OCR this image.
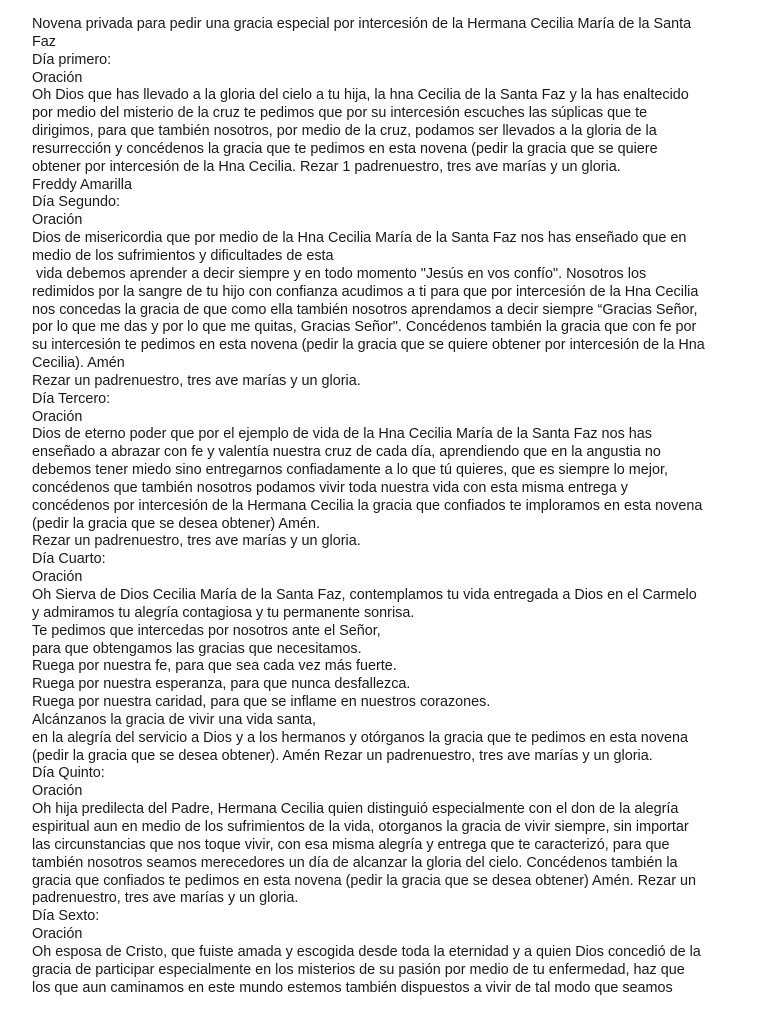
Novena privada para pedir una gracia especial por intercesión de la Hermana Cecilia María de la Santa
Faz
Día primero:
Oración
Oh Dios que has llevado a la gloria del cielo a tu hija, la hna Cecilia de la Santa Faz y la has enaltecido
por medio del misterio de la cruz te pedimos que por su intercesión escuches las súplicas que te
dirigimos, para que también nosotros, por medio de la cruz, podamos ser llevados a la gloria de la
resurrección y concédenos la gracia que te pedimos en esta novena (pedir la gracia que se quiere
obtener por intercesión de la Hna Cecilia. Rezar 1 padrenuestro, tres ave marías y un gloria.
Freddy Amarilla
Día Segundo:
Oración
Dios de misericordia que por medio de la Hna Cecilia María de la Santa Faz nos has enseñado que en
medio de los sufrimientos y dificultades de esta
vida debemos aprender a decir siempre y en todo momento "Jesús en vos confío". Nosotros los
redimidos por la sangre de tu hijo con confianza acudimos a ti para que por intercesión de la Hna Cecilia
nos concedas la gracia de que como ella también nosotros aprendamos a decir siempre “Gracias Señor,
por lo que me das y por lo que me quitas, Gracias Señor". Concédenos también la gracia que con fe por
su intercesión te pedimos en esta novena (pedir la gracia que se quiere obtener por intercesión de la Hna
Cecilia). Amén
Rezar un padrenuestro, tres ave marías y un gloria.
Día Tercero:
Oración
Dios de eterno poder que por el ejemplo de vida de la Hna Cecilia María de la Santa Faz nos has
enseñado a abrazar con fe y valentía nuestra cruz de cada día, aprendiendo que en la angustia no
debemos tener miedo sino entregarnos confiadamente a lo que tú quieres, que es siempre lo mejor,
concédenos que también nosotros podamos vivir toda nuestra vida con esta misma entrega y
concédenos por intercesión de la Hermana Cecilia la gracia que confiados te imploramos en esta novena
(pedir la gracia que se desea obtener) Amén.
Rezar un padrenuestro, tres ave marías y un gloria.
Día Cuarto:
Oración
Oh Sierva de Dios Cecilia María de la Santa Faz, contemplamos tu vida entregada a Dios en el Carmelo
y admiramos tu alegría contagiosa y tu permanente sonrisa.
Te pedimos que intercedas por nosotros ante el Señor,
para que obtengamos las gracias que necesitamos.
Ruega por nuestra fe, para que sea cada vez más fuerte.
Ruega por nuestra esperanza, para que nunca desfallezca.
Ruega por nuestra caridad, para que se inflame en nuestros corazones.
Alcánzanos la gracia de vivir una vida santa,
en la alegría del servicio a Dios y a los hermanos y otórganos la gracia que te pedimos en esta novena
(pedir la gracia que se desea obtener). Amén Rezar un padrenuestro, tres ave marías y un gloria.
Día Quinto:
Oración
Oh hija predilecta del Padre, Hermana Cecilia quien distinguió especialmente con el don de la alegría
espiritual aun en medio de los sufrimientos de la vida, otorganos la gracia de vivir siempre, sin importar
las circunstancias que nos toque vivir, con esa misma alegría y entrega que te caracterizó, para que
también nosotros seamos merecedores un día de alcanzar la gloria del cielo. Concédenos también la
gracia que confiados te pedimos en esta novena (pedir la gracia que se desea obtener) Amén. Rezar un
padrenuestro, tres ave marías y un gloria.
Día Sexto:
Oración
Oh esposa de Cristo, que fuiste amada y escogida desde toda la eternidad y a quien Dios concedió de la
gracia de participar especialmente en los misterios de su pasión por medio de tu enfermedad, haz que
los que aun caminamos en este mundo estemos también dispuestos a vivir de tal modo que seamos
